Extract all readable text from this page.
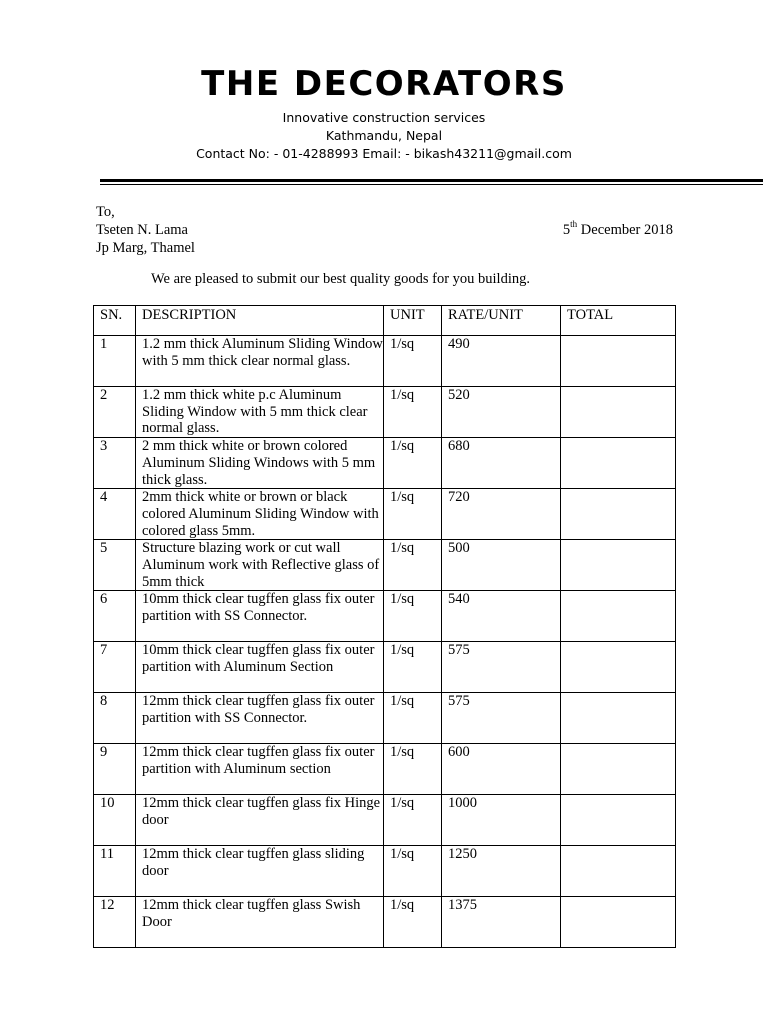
THE DECORATORS
Innovative construction services
Kathmandu, Nepal
Contact No: - 01-4288993 Email: - bikash43211@gmail.com
To,
Tseten N. Lama
Jp Marg, Thamel
5th December 2018
We are pleased to submit our best quality goods for you building.
SN.	DESCRIPTION	UNIT	RATE/UNIT	TOTAL
1	1.2 mm thick Aluminum Sliding Window with 5 mm thick clear normal glass.	1/sq	490	
2	1.2 mm thick white p.c Aluminum Sliding Window with 5 mm thick clear normal glass.	1/sq	520	
3	2 mm thick white or brown colored Aluminum Sliding Windows with 5 mm thick glass.	1/sq	680	
4	2mm thick white or brown or black colored Aluminum Sliding Window with colored glass 5mm.	1/sq	720	
5	Structure blazing work or cut wall Aluminum work with Reflective glass of 5mm thick	1/sq	500	
6	10mm thick clear tugffen glass fix outer partition with SS Connector.	1/sq	540	
7	10mm thick clear tugffen glass fix outer partition with Aluminum Section	1/sq	575	
8	12mm thick clear tugffen glass fix outer partition with SS Connector.	1/sq	575	
9	12mm thick clear tugffen glass fix outer partition with Aluminum section	1/sq	600	
10	12mm thick clear tugffen glass fix Hinge door	1/sq	1000	
11	12mm thick clear tugffen glass sliding door	1/sq	1250	
12	12mm thick clear tugffen glass Swish Door	1/sq	1375	
